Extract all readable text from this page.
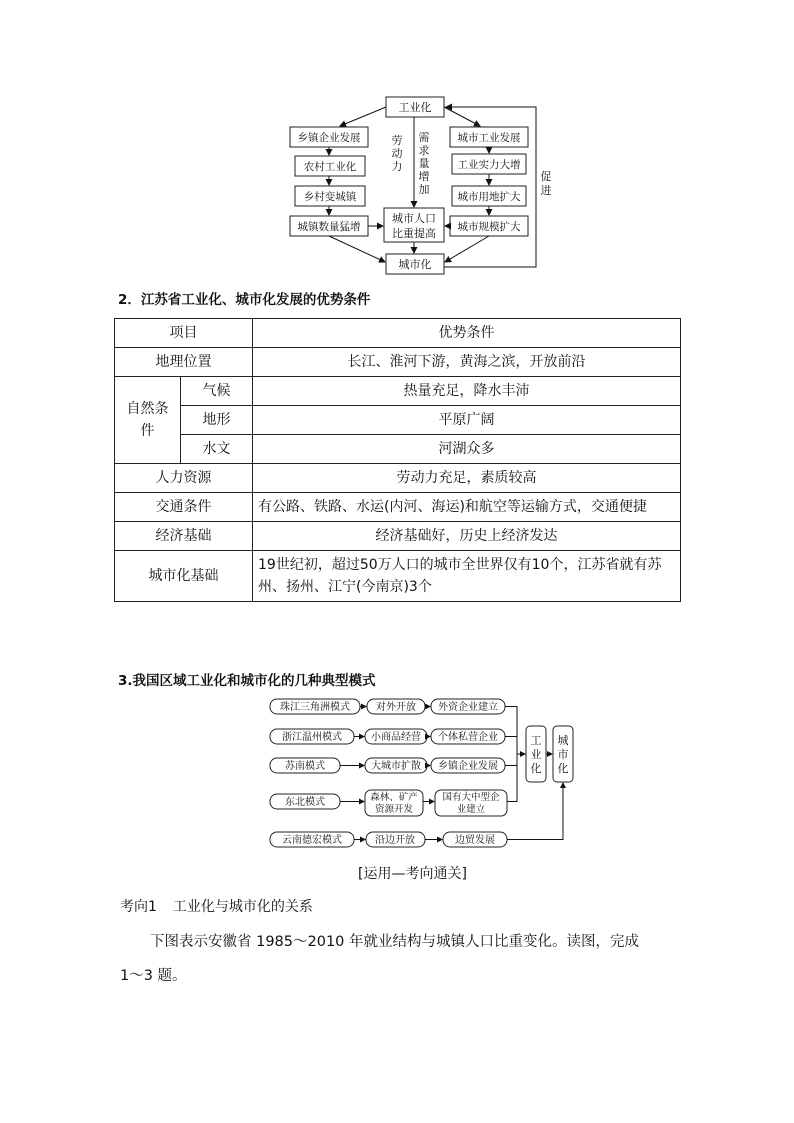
工业化
城市化
城市人口
比重提高
乡镇企业发展
农村工业化
乡村变城镇
城镇数量猛增
城市工业发展
工业实力大增
城市用地扩大
城市规模扩大
劳
动
力
需
求
量
增
加
促
进
2．江苏省工业化、城市化发展的优势条件
项目		优势条件
地理位置		长江、淮河下游，黄海之滨，开放前沿
自然条件	气候	热量充足，降水丰沛
	地形	平原广阔
	水文	河湖众多
人力资源		劳动力充足，素质较高
交通条件		有公路、铁路、水运(内河、海运)和航空等运输方式，交通便捷
经济基础		经济基础好，历史上经济发达
城市化基础		19世纪初，超过50万人口的城市全世界仅有10个，江苏省就有苏州、扬州、江宁(今南京)3个
3.我国区域工业化和城市化的几种典型模式
珠江三角洲模式
浙江温州模式
苏南模式
东北模式
云南德宏模式
对外开放
小商品经营
大城市扩散
森林、矿产
资源开发
沿边开放
外资企业建立
个体私营企业
乡镇企业发展
国有大中型企
业建立
边贸发展
工
业
化
城
市
化
[运用—考向通关]
考向1 工业化与城市化的关系
下图表示安徽省 1985～2010 年就业结构与城镇人口比重变化。读图，完成
1～3 题。
